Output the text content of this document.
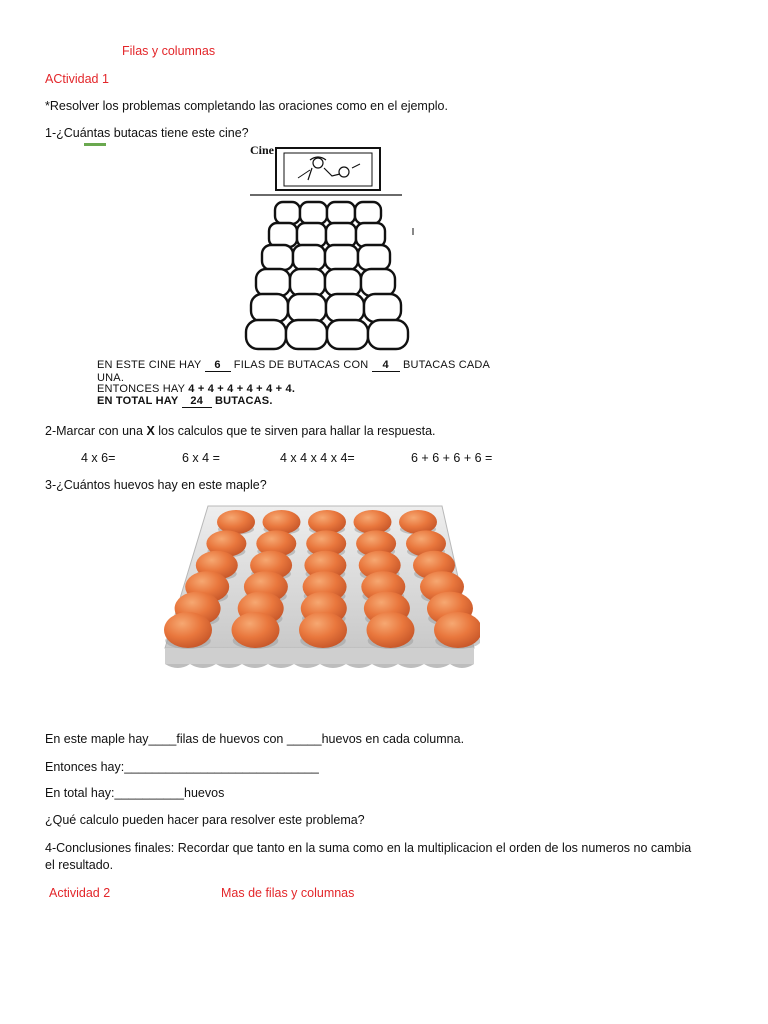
Filas y columnas
ACtividad 1
*Resolver los problemas completando las oraciones como en el ejemplo.
1-¿Cuántas butacas tiene este cine?
Cine
EN ESTE CINE HAY 6 FILAS DE BUTACAS CON 4 BUTACAS CADA
UNA.
ENTONCES HAY 4 + 4 + 4 + 4 + 4 + 4.
EN TOTAL HAY 24 BUTACAS.
2-Marcar con una X los calculos que te sirven para hallar la respuesta.
4 x 6=	6 x 4 =	4 x 4 x 4 x 4=	6 + 6 + 6 + 6 =
3-¿Cuántos huevos hay en este maple?
En este maple hay____filas de huevos con _____huevos en cada columna.
Entonces hay:____________________________
En total hay:__________huevos
¿Qué calculo pueden hacer para resolver este problema?
4-Conclusiones finales: Recordar que tanto en la suma como en la multiplicacion el orden de los numeros no cambia
el resultado.
Actividad 2	Mas de filas y columnas
